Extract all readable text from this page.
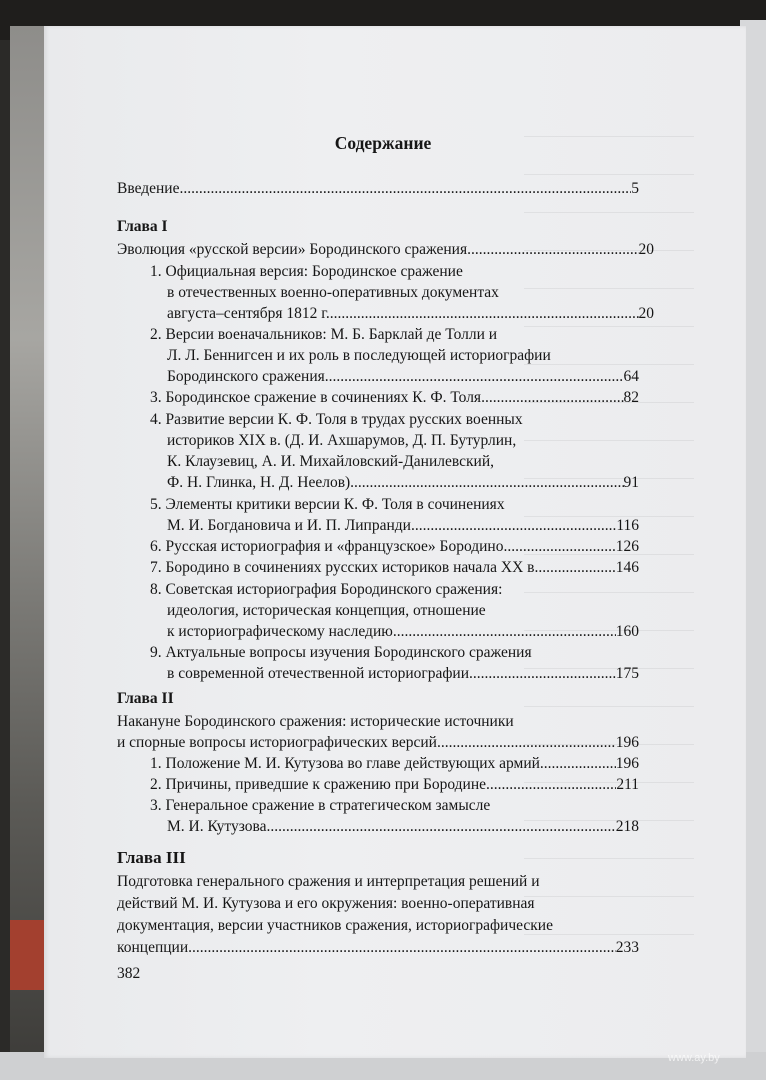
Содержание
Введение .....	5
Глава I
Эволюция «русской версии» Бородинского сражения .....	20
1. Официальная версия: Бородинское сражение
в отечественных военно-оперативных документах
августа–сентября 1812 г. .....	20
2. Версии военачальников: М. Б. Барклай де Толли и
Л. Л. Беннигсен и их роль в последующей историографии
Бородинского сражения .....	64
3. Бородинское сражение в сочинениях К. Ф. Толя .....	82
4. Развитие версии К. Ф. Толя в трудах русских военных
историков XIX в. (Д. И. Ахшарумов, Д. П. Бутурлин,
К. Клаузевиц, А. И. Михайловский-Данилевский,
Ф. Н. Глинка, Н. Д. Неелов) .....	91
5. Элементы критики версии К. Ф. Толя в сочинениях
М. И. Богдановича и И. П. Липранди .....	116
6. Русская историография и «французское» Бородино .....	126
7. Бородино в сочинениях русских историков начала XX в. .....	146
8. Советская историография Бородинского сражения:
идеология, историческая концепция, отношение
к историографическому наследию .....	160
9. Актуальные вопросы изучения Бородинского сражения
в современной отечественной историографии .....	175
Глава II
Накануне Бородинского сражения: исторические источники
и спорные вопросы историографических версий .....	196
1. Положение М. И. Кутузова во главе действующих армий .....	196
2. Причины, приведшие к сражению при Бородине .....	211
3. Генеральное сражение в стратегическом замысле
М. И. Кутузова .....	218
Глава III
Подготовка генерального сражения и интерпретация решений и
действий М. И. Кутузова и его окружения: военно-оперативная
документация, версии участников сражения, историографические
концепции .....	233
382
www.ay.by
